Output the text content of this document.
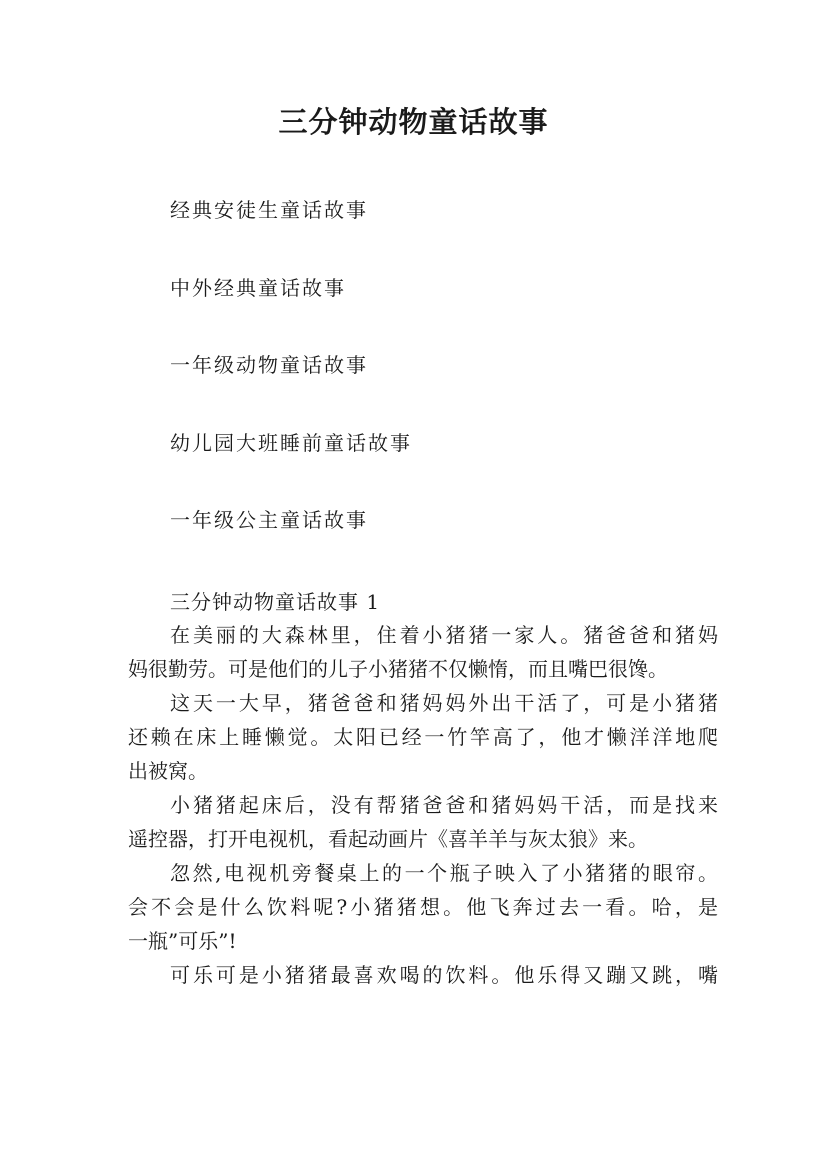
三分钟动物童话故事
经典安徒生童话故事
中外经典童话故事
一年级动物童话故事
幼儿园大班睡前童话故事
一年级公主童话故事
三分钟动物童话故事 1
在美丽的大森林里，住着小猪猪一家人。猪爸爸和猪妈
妈很勤劳。可是他们的儿子小猪猪不仅懒惰，而且嘴巴很馋。
这天一大早，猪爸爸和猪妈妈外出干活了，可是小猪猪
还赖在床上睡懒觉。太阳已经一竹竿高了，他才懒洋洋地爬
出被窝。
小猪猪起床后，没有帮猪爸爸和猪妈妈干活，而是找来
遥控器，打开电视机，看起动画片《喜羊羊与灰太狼》来。
忽然,电视机旁餐桌上的一个瓶子映入了小猪猪的眼帘。
会不会是什么饮料呢?小猪猪想。他飞奔过去一看。哈，是
一瓶”可乐”!
可乐可是小猪猪最喜欢喝的饮料。他乐得又蹦又跳，嘴
